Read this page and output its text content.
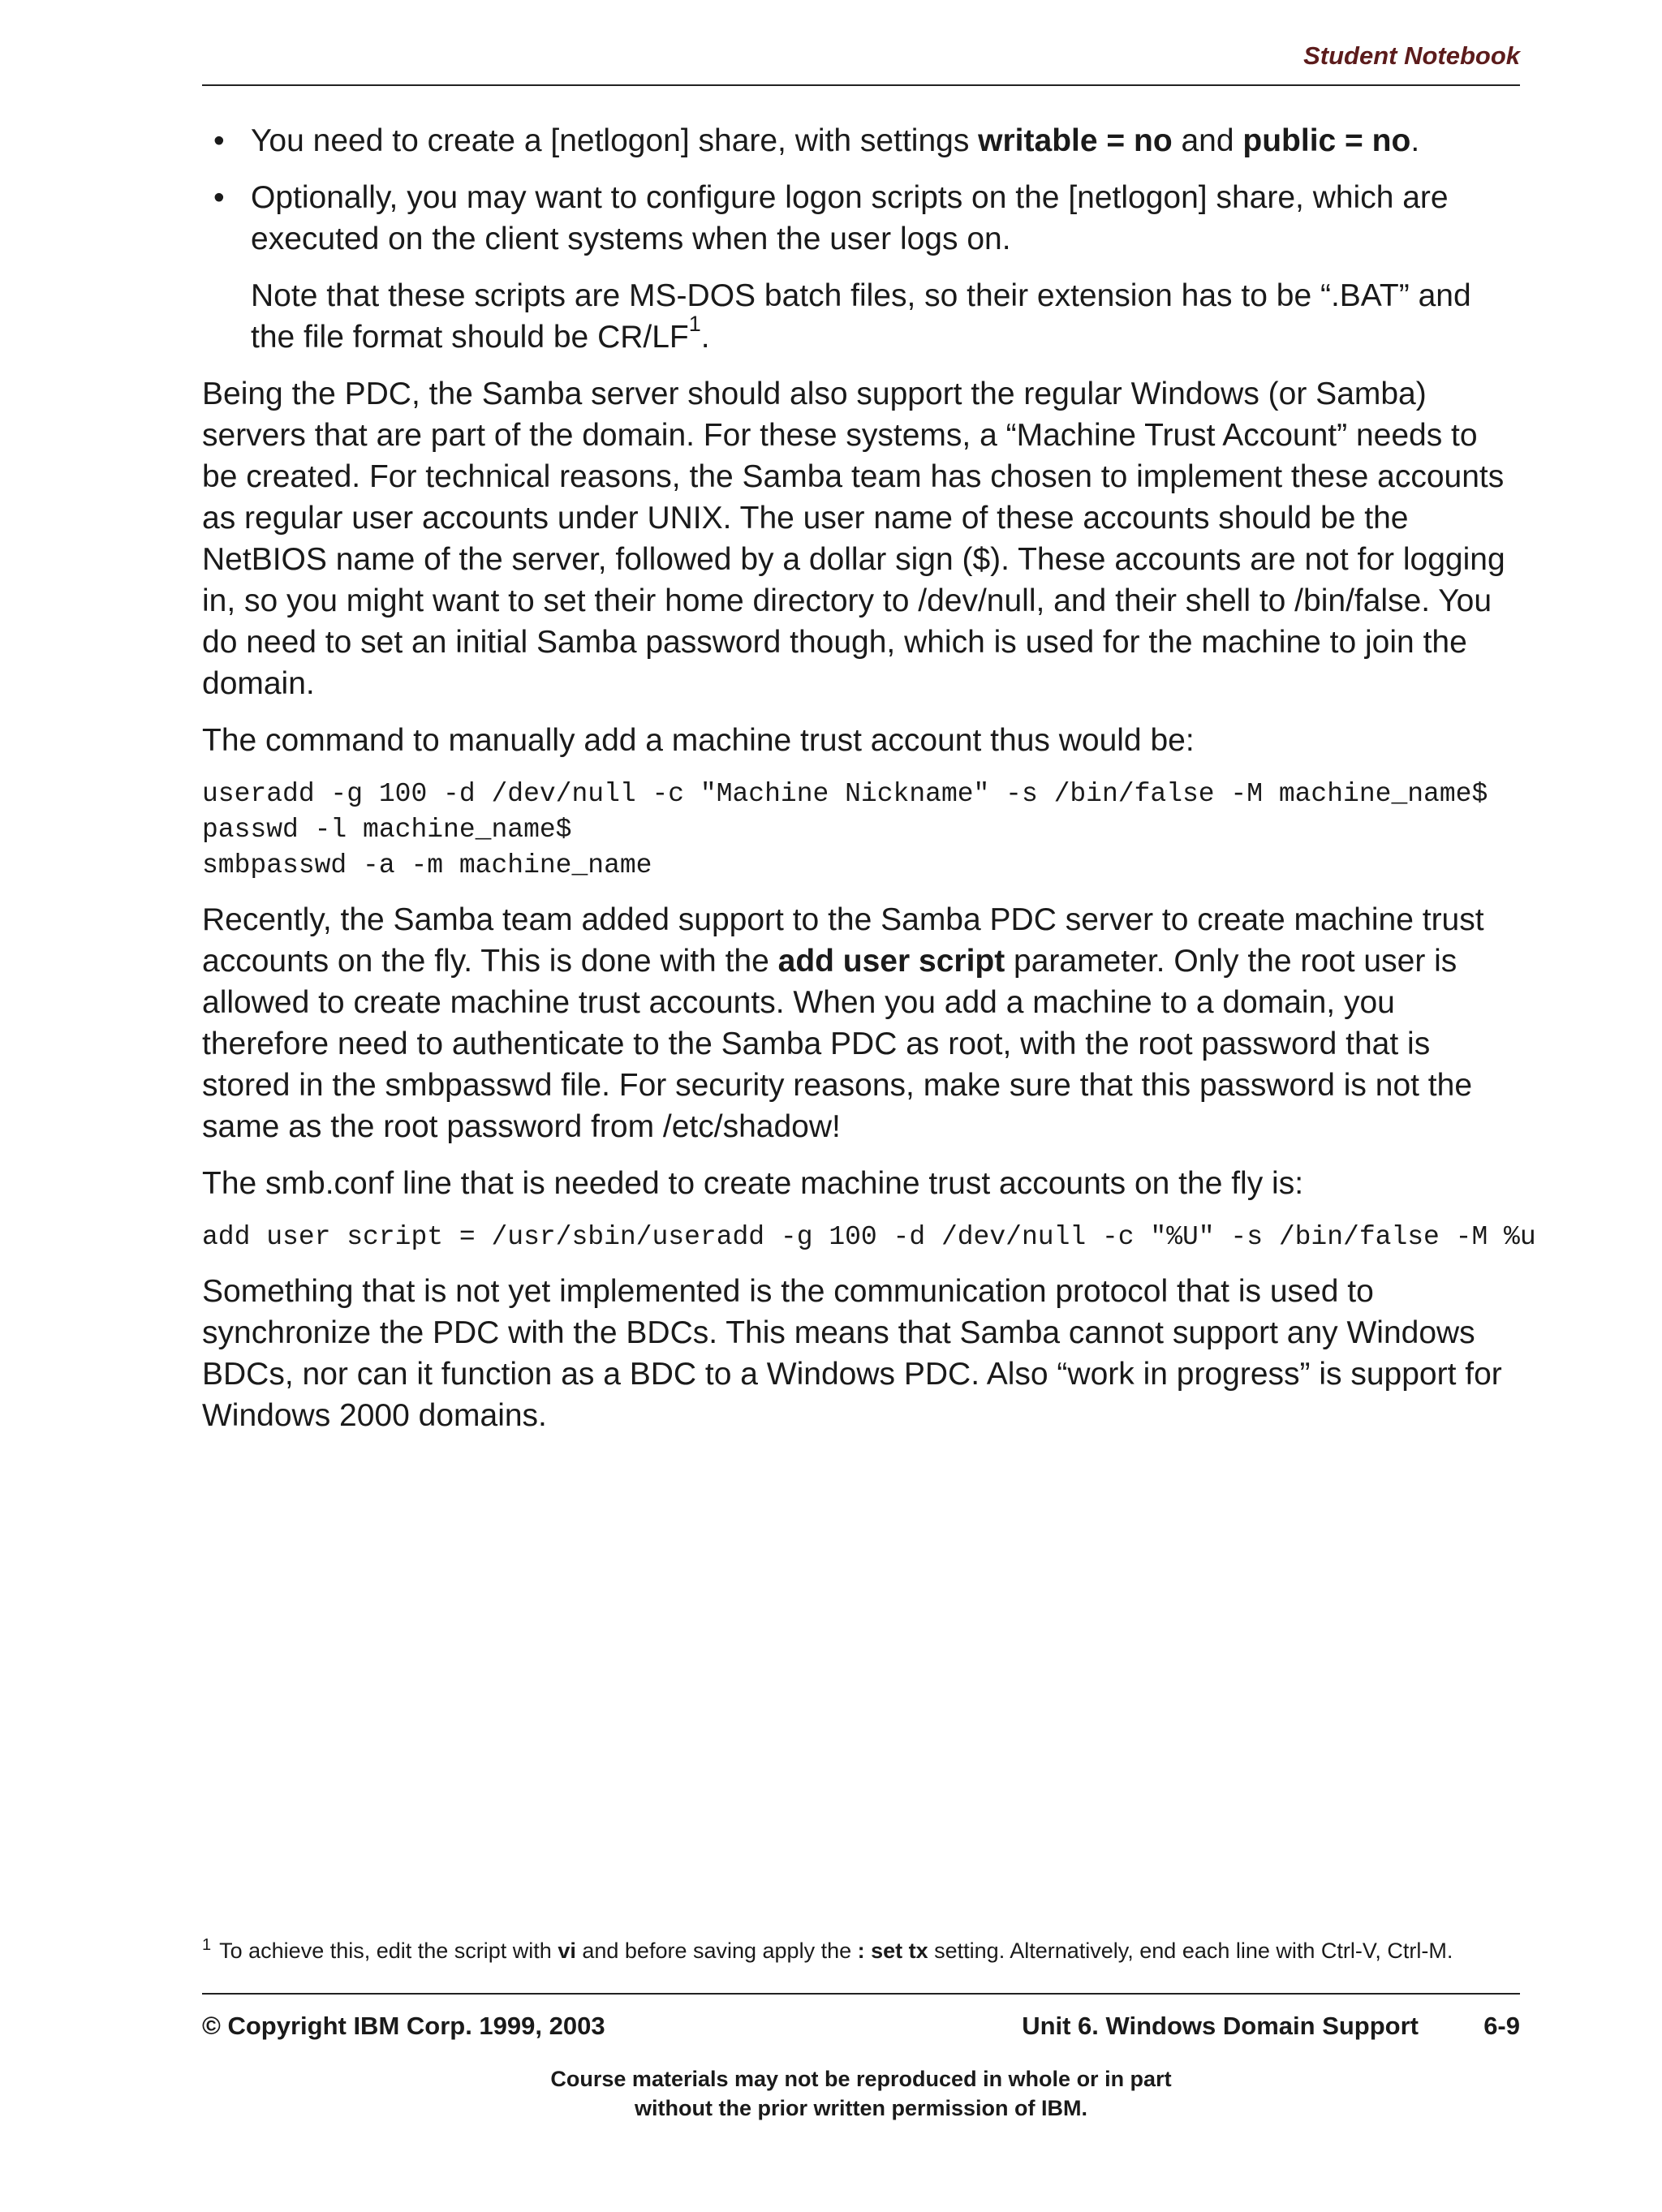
Student Notebook
• You need to create a [netlogon] share, with settings writable = no and public = no.
• Optionally, you may want to configure logon scripts on the [netlogon] share, which are executed on the client systems when the user logs on.

Note that these scripts are MS-DOS batch files, so their extension has to be “.BAT” and the file format should be $CR/LF^1$.

Being the PDC, the Samba server should also support the regular Windows (or Samba) servers that are part of the domain. For these systems, a “Machine Trust Account” needs to be created. For technical reasons, the Samba team has chosen to implement these accounts as regular user accounts under UNIX. The user name of these accounts should be the NetBIOS name of the server, followed by a dollar sign ($). These accounts are not for logging in, so you might want to set their home directory to /dev/null, and their shell to /bin/false. You do need to set an initial Samba password though, which is used for the machine to join the domain.

The command to manually add a machine trust account thus would be:

useradd -g 100 -d /dev/null -c "Machine Nickname" -s /bin/false -M machine_name$
passwd -l machine_name$
smbpasswd -a -m machine_name

Recently, the Samba team added support to the Samba PDC server to create machine trust accounts on the fly. This is done with the add user script parameter. Only the root user is allowed to create machine trust accounts. When you add a machine to a domain, you therefore need to authenticate to the Samba PDC as root, with the root password that is stored in the smbpasswd file. For security reasons, make sure that this password is not the same as the root password from /etc/shadow!

The smb.conf line that is needed to create machine trust accounts on the fly is:

add user script = /usr/sbin/useradd -g 100 -d /dev/null -c "%U" -s /bin/false -M %u

Something that is not yet implemented is the communication protocol that is used to synchronize the PDC with the BDCs. This means that Samba cannot support any Windows BDCs, nor can it function as a BDC to a Windows PDC. Also “work in progress” is support for Windows 2000 domains.

$^1$ To achieve this, edit the script with vi and before saving apply the : set tx setting. Alternatively, end each line with Ctrl-V, Ctrl-M.
© Copyright IBM Corp. 1999, 2003	Unit 6. Windows Domain Support	6-9
Course materials may not be reproduced in whole or in part
without the prior written permission of IBM.
